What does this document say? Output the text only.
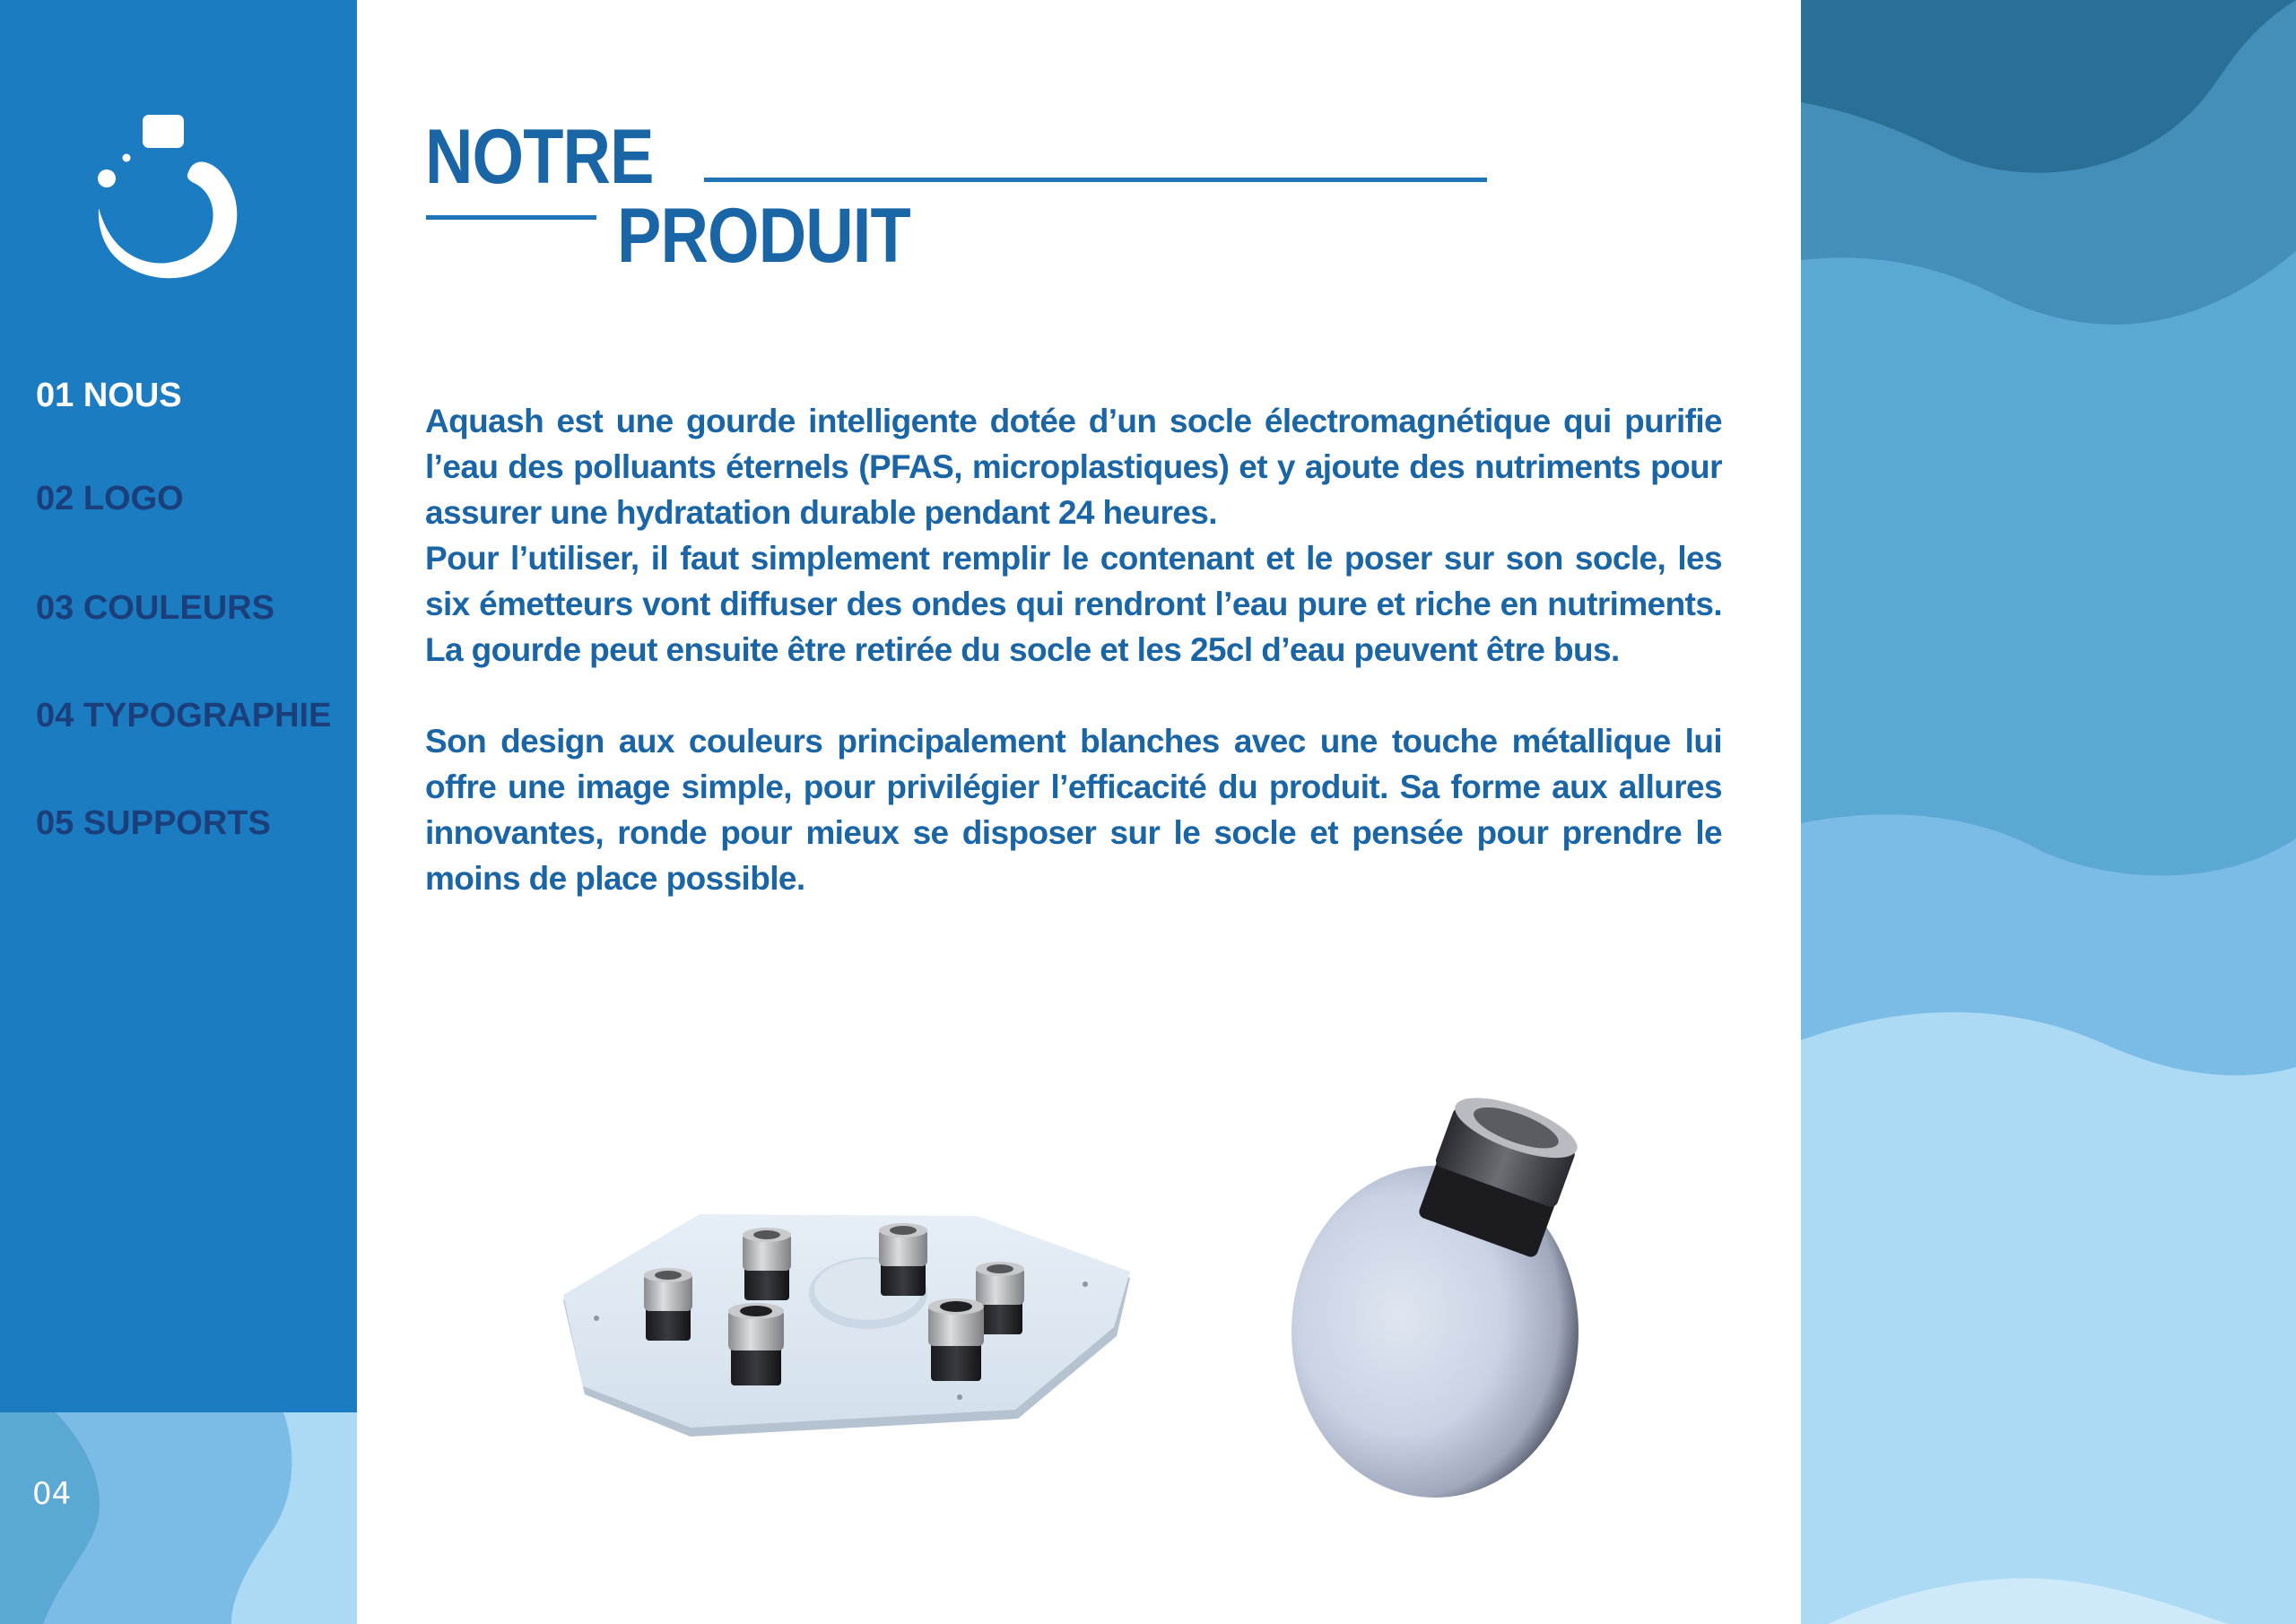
01 NOUS
02 LOGO
03 COULEURS
04 TYPOGRAPHIE
05 SUPPORTS
04
NOTRE
PRODUIT

Aquash est une gourde intelligente dotée d’un socle électromagnétique qui purifie l’eau des polluants éternels (PFAS, microplastiques) et y ajoute des nutriments pour assurer une hydratation durable pendant 24 heures.

Pour l’utiliser, il faut simplement remplir le contenant et le poser sur son socle, les six émetteurs vont diffuser des ondes qui rendront l’eau pure et riche en nutriments. La gourde peut ensuite être retirée du socle et les 25cl d’eau peuvent être bus.

Son design aux couleurs principalement blanches avec une touche métallique lui offre une image simple, pour privilégier l’efficacité du produit. Sa forme aux allures innovantes, ronde pour mieux se disposer sur le socle et pensée pour prendre le moins de place possible.
